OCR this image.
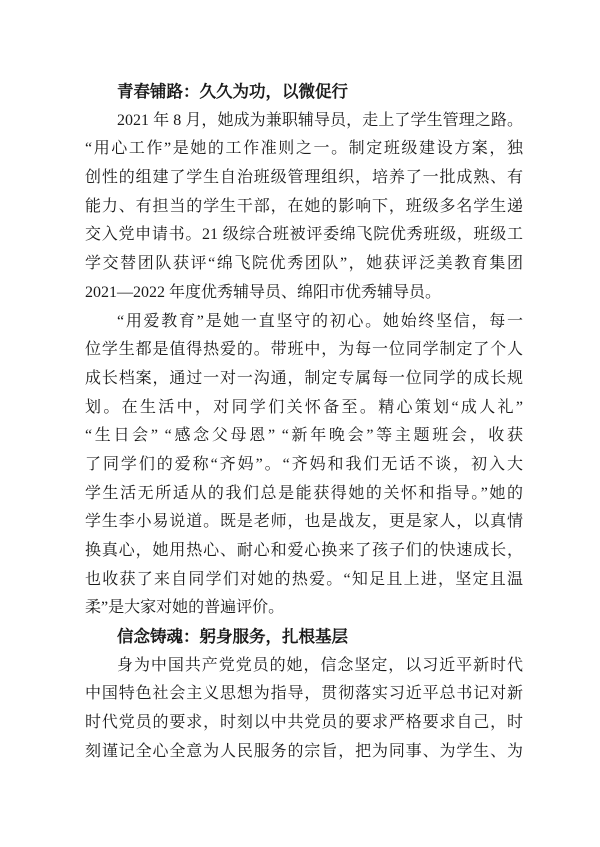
青春铺路：久久为功，以微促行
2021 年 8 月，她成为兼职辅导员，走上了学生管理之路。
“用心工作”是她的工作准则之一。制定班级建设方案，独
创性的组建了学生自治班级管理组织，培养了一批成熟、有
能力、有担当的学生干部，在她的影响下，班级多名学生递
交入党申请书。21 级综合班被评委绵飞院优秀班级，班级工
学交替团队获评“绵飞院优秀团队”，她获评泛美教育集团
2021—2022 年度优秀辅导员、绵阳市优秀辅导员。
“用爱教育”是她一直坚守的初心。她始终坚信，每一
位学生都是值得热爱的。带班中，为每一位同学制定了个人
成长档案，通过一对一沟通，制定专属每一位同学的成长规
划。在生活中，对同学们关怀备至。精心策划“成人礼”
“生日会” “感念父母恩” “新年晚会”等主题班会，收获
了同学们的爱称“齐妈”。“齐妈和我们无话不谈，初入大
学生活无所适从的我们总是能获得她的关怀和指导。”她的
学生李小易说道。既是老师，也是战友，更是家人，以真情
换真心，她用热心、耐心和爱心换来了孩子们的快速成长，
也收获了来自同学们对她的热爱。“知足且上进，坚定且温
柔”是大家对她的普遍评价。
信念铸魂：躬身服务，扎根基层
身为中国共产党党员的她，信念坚定，以习近平新时代
中国特色社会主义思想为指导，贯彻落实习近平总书记对新
时代党员的要求，时刻以中共党员的要求严格要求自己，时
刻谨记全心全意为人民服务的宗旨，把为同事、为学生、为
